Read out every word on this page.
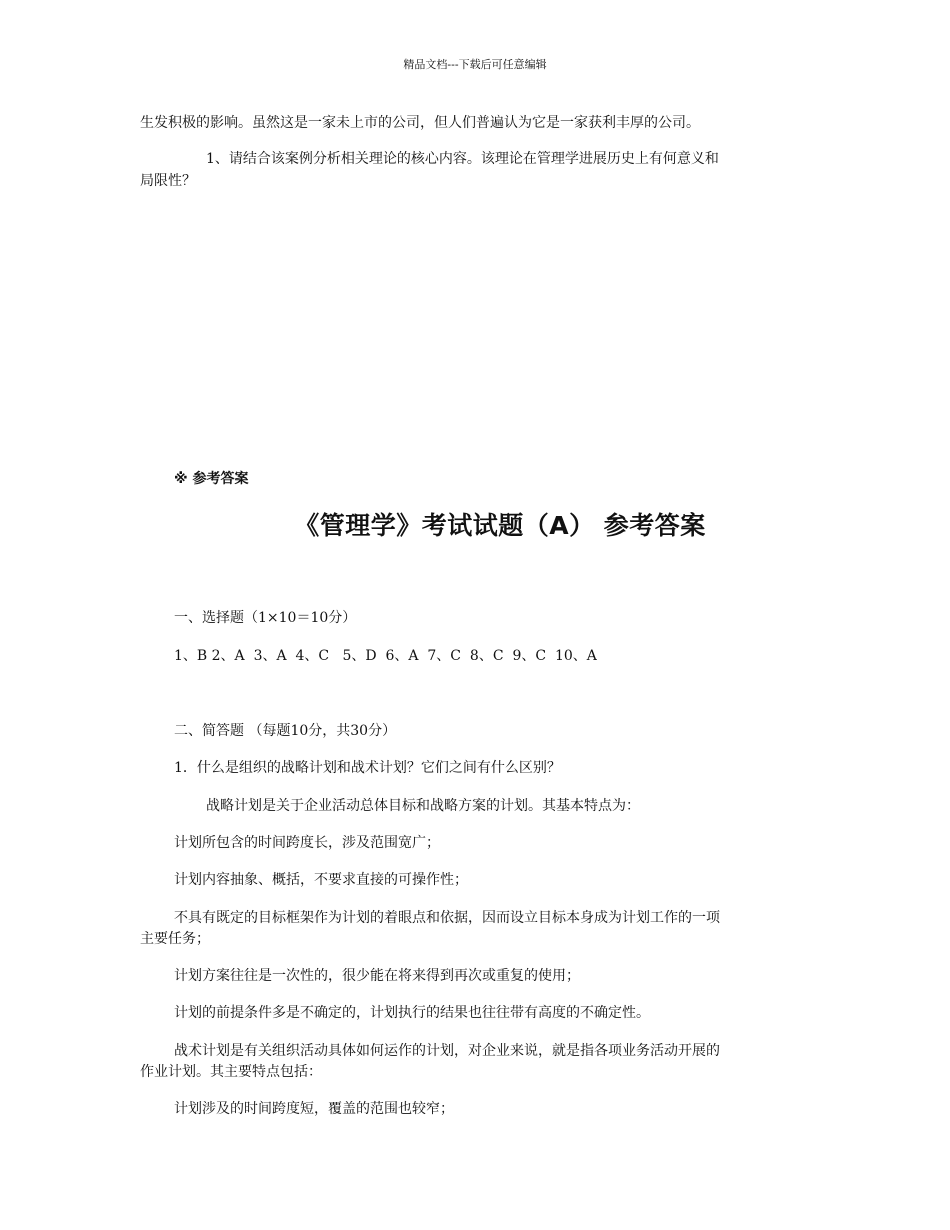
精品文档---下载后可任意编辑

生发积极的影响。虽然这是一家未上市的公司，但人们普遍认为它是一家获利丰厚的公司。

1、请结合该案例分析相关理论的核心内容。该理论在管理学进展历史上有何意义和

局限性？

※ 参考答案

《管理学》考试试题（A） 参考答案

一、选择题（1×10＝10分）

1、B 2、A  3、A  4、C   5、D  6、A  7、C  8、C  9、C  10、A

二、简答题 （每题10分，共30分）

1．什么是组织的战略计划和战术计划？它们之间有什么区别？

战略计划是关于企业活动总体目标和战略方案的计划。其基本特点为：

计划所包含的时间跨度长，涉及范围宽广；

计划内容抽象、概括，不要求直接的可操作性；

不具有既定的目标框架作为计划的着眼点和依据，因而设立目标本身成为计划工作的一项

主要任务；

计划方案往往是一次性的，很少能在将来得到再次或重复的使用；

计划的前提条件多是不确定的，计划执行的结果也往往带有高度的不确定性。

战术计划是有关组织活动具体如何运作的计划，对企业来说，就是指各项业务活动开展的

作业计划。其主要特点包括：

计划涉及的时间跨度短，覆盖的范围也较窄；
